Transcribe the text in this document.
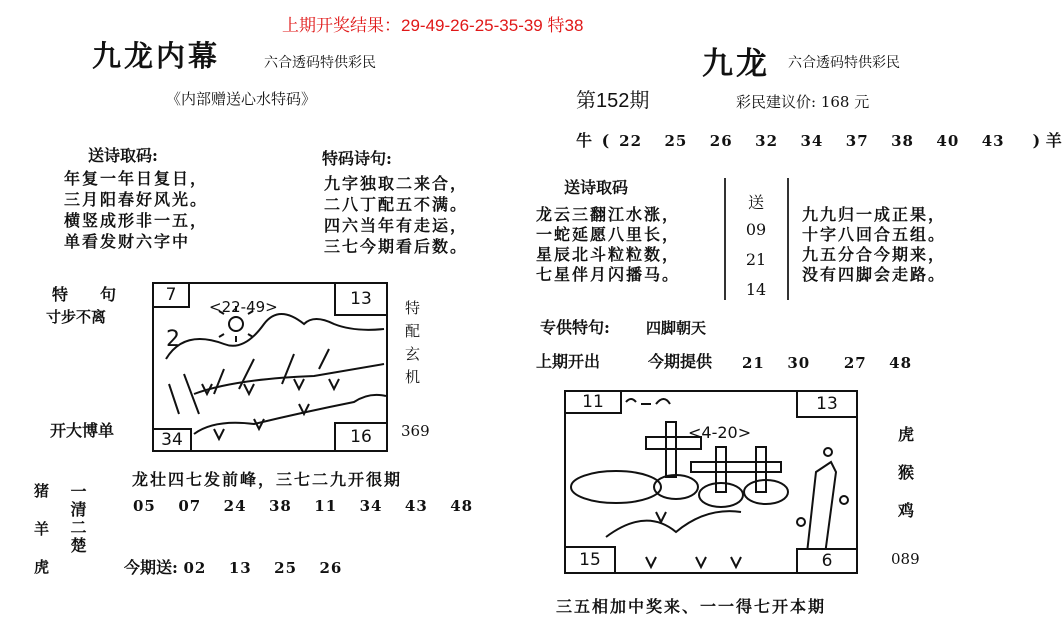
上期开奖结果：29-49-26-25-35-39 特38
九龙内幕	六合透码特供彩民
《内部赠送心水特码》
送诗取码:
年复一年日复日，
三月阳春好风光。
横竖成形非一五，
单看发财六字中
特码诗句:
九字独取二来合，
二八丁配五不满。
四六当年有走运，
三七今期看后数。
特　　句
寸步不离
开大博单
2
<22-49>
7	13
34	16
特配玄机
369
猪
羊
虎
一清二楚
龙壮四七发前峰，三七二九开很期
05  07  24  38  11  34  43  48
今期送: 02  13  25  26
九龙 六合透码特供彩民
第152期	彩民建议价: 168 元
牛 ( 22  25  26  32  34  37  38  40  43 ) 羊
送诗取码
龙云三翻江水涨，
一蛇延愿八里长，
星辰北斗粒粒数，
七星伴月闪播马。
送
09
21
14
九九归一成正果，
十字八回合五组。
九五分合今期来，
没有四脚会走路。
专供特句: 四脚朝天
上期开出	今期提供 21  30   27  48
<4-20>
11	13
15	6
虎
猴
鸡
089
三五相加中奖来、一一得七开本期
